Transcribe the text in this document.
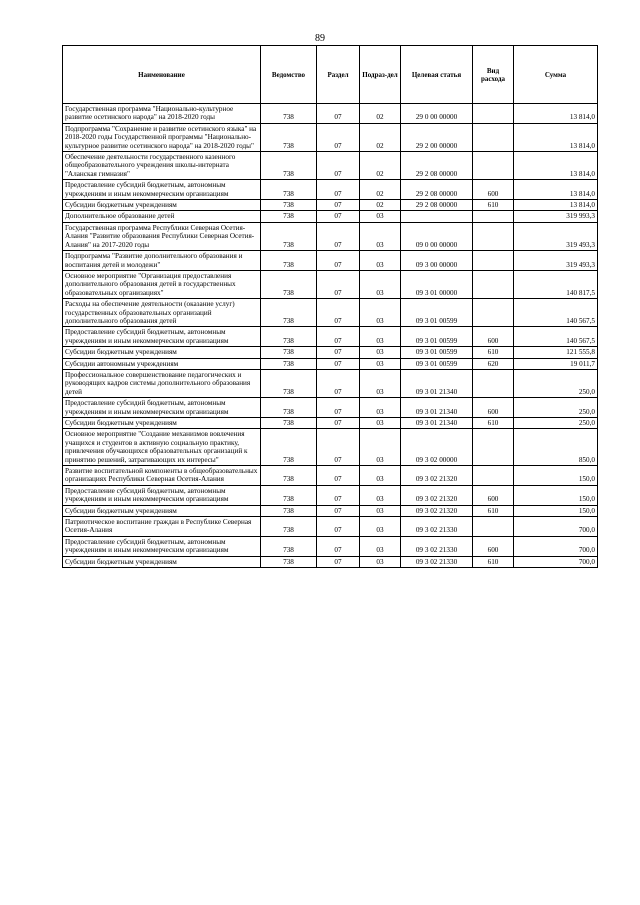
89
Наименование	Ведомство	Раздел	Подраз-дел	Целевая статья	Вид расхода	Сумма
Государственная программа "Национально-культурное развитие осетинского народа" на 2018-2020 годы	738	07	02	29 0 00 00000		13 814,0
Подпрограмма "Сохранение и развитие осетинского языка" на 2018-2020 годы Государственной программы "Национально-культурное развитие осетинского народа" на 2018-2020 годы"	738	07	02	29 2 00 00000		13 814,0
Обеспечение деятельности государственного казенного общеобразовательного учреждения школы-интерната "Аланская гимназия"	738	07	02	29 2 08 00000		13 814,0
Предоставление субсидий бюджетным, автономным учреждениям и иным некоммерческим организациям	738	07	02	29 2 08 00000	600	13 814,0
Субсидии бюджетным учреждениям	738	07	02	29 2 08 00000	610	13 814,0
Дополнительное образование детей	738	07	03			319 993,3
Государственная программа Республики Северная Осетия-Алания "Развитие образования Республики Северная Осетия-Алания" на 2017-2020 годы	738	07	03	09 0 00 00000		319 493,3
Подпрограмма "Развитие дополнительного образования и воспитания детей и молодежи"	738	07	03	09 3 00 00000		319 493,3
Основное мероприятие "Организация предоставления дополнительного образования детей в государственных образовательных организациях"	738	07	03	09 3 01 00000		140 817,5
Расходы на обеспечение деятельности (оказание услуг) государственных образовательных организаций дополнительного образования детей	738	07	03	09 3 01 00599		140 567,5
Предоставление субсидий бюджетным, автономным учреждениям и иным некоммерческим организациям	738	07	03	09 3 01 00599	600	140 567,5
Субсидии бюджетным учреждениям	738	07	03	09 3 01 00599	610	121 555,8
Субсидии автономным учреждениям	738	07	03	09 3 01 00599	620	19 011,7
Профессиональное совершенствование педагогических и руководящих кадров системы дополнительного образования детей	738	07	03	09 3 01 21340		250,0
Предоставление субсидий бюджетным, автономным учреждениям и иным некоммерческим организациям	738	07	03	09 3 01 21340	600	250,0
Субсидии бюджетным учреждениям	738	07	03	09 3 01 21340	610	250,0
Основное мероприятие "Создание механизмов вовлечения учащихся и студентов в активную социальную практику, привлечения обучающихся образовательных организаций к принятию решений, затрагивающих их интересы"	738	07	03	09 3 02 00000		850,0
Развитие воспитательной компоненты в общеобразовательных организациях Республики Северная Осетия-Алания	738	07	03	09 3 02 21320		150,0
Предоставление субсидий бюджетным, автономным учреждениям и иным некоммерческим организациям	738	07	03	09 3 02 21320	600	150,0
Субсидии бюджетным учреждениям	738	07	03	09 3 02 21320	610	150,0
Патриотическое воспитание граждан в Республике Северная Осетия-Алания	738	07	03	09 3 02 21330		700,0
Предоставление субсидий бюджетным, автономным учреждениям и иным некоммерческим организациям	738	07	03	09 3 02 21330	600	700,0
Субсидии бюджетным учреждениям	738	07	03	09 3 02 21330	610	700,0
